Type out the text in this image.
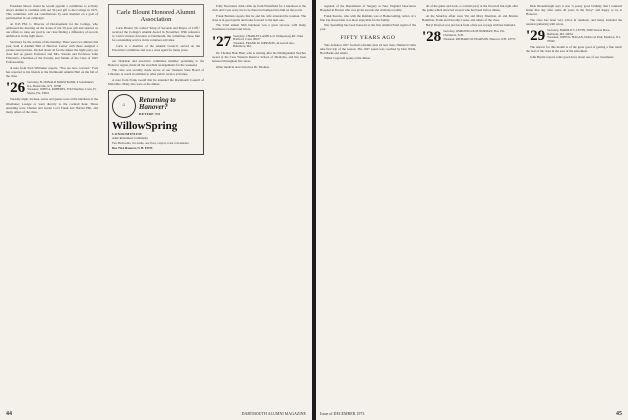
President Moore stated he would appoint a committee to actively attract alumni to continue with our 50-year gift to the College in 1975. This committee will ask contributions by each member on a goal of participation in our campaign.

At 9:45 PM, C. Director of Development for the College, who addressed the meeting on the status of the 50-year gift and assured us our efforts to raise our goal to our class finding a difference of records ambition is in the right move.

Secretary for the actions of the meeting. There were two dinners this year, both at Alumni Hall of Hanover Center with those assigned a picture stand picture. We had about 42 for the dinner the night party our class had us guests Professor and Mrs. Stearns and Professor John Elberton's, Chairman of the Faculty, and friends of the Class of 1925 Professorship.

A note from Fred Whittaker reports, "You are now covered." Fred has reported to his friends at the Dartmouth Alumni Hall on the fall of the class.

'26 Secretary, H. DONALD NORSTRAND, 9 Gentlemen's Rd., Bronxville, N.Y. 10708
Treasurer, JOHN A. ROBERTS, 3534 Wardlaw Court, Ft. Myers, Fla. 33901

Tuesday night, 26 men, wives and guests were at the luncheon of the Otterbeuer Lounge or went directly to the cocktail hour. Those attending were Charles and Gretta Lord Frank and Harriet Hill, and many others of the class.

Carle Blount Honored Alumni Association

Carle Blount '26, retired "King of Seconds and Mayor of Cliff," received the College's Alumni Award in November. With reference to Carle's tireless devotion to Dartmouth, the committee chose him for outstanding service in his volunteer activities.

Carle is a member of the Alumni Council, served on the Executive Committee and was a class agent for many years.

our chairman and executive committee member pertaining to the Hanover region, made all the excellent arrangements for the weekend.

The class was recently made aware of our Vermont State Board of Libraries. A coach in addition to other public service activities.

A note from Frank Gould that he attended the Dartmouth Council of Mid-Ohio. Many also were at the dinner.

⌂
Returning to
Hanover?
RETIRE TO
WillowSpring
CONDOMINIUM
Adult Retirement Community
Two Bedrooms, two baths, one floor, carport, town convenience
Box 752A Hanover, N. H. 03755

Eddy Norstrand, John came up from Plainsfield for a luncheon at the club, and I was sorry not to be there but bumped into him on the porch.

Frank Berman reports that he and his wife attended the reunion. The class is in good spirits and looks forward to the next one.

The 22nd annual 50th luncheon was a great success, with many classmates on hand and wives.

'27 Secretary, CHARLES LAMB A 21 Wampanoag Rd., West Hartford, Conn. 06107
Treasurer, FRANK M. JOHNSON, 44 Gerard Ave., Baltimore, Md.

Dr. Thomas Hale Ham, who is retiring after the Distinguished Teacher award at the Case Western Reserve School of Medicine, and has been honored throughout his career.

Other medical news involves Dr. Thomas.

44	DARTMOUTH ALUMNI MAGAZINE

regional of the Department of Surgery at New England Deaconess Hospital in Boston who was given awards and citations recently.

Frank Stearns, who with the Robbins was at Homecoming, writes of a fine trip abroad that was most enjoyable for the family.

Wes Spaulding has been honored as the first Alumni Fund Agent of the year.

FIFTY YEARS AGO

Yale defeated 1927 football schedule plus 24 new men. Numeral Clubs take first trip of the season. The 1927 squad was coached by Don Wirth, Hal Marks and others.

Walter Cogswell spoke at the dinner.

all of the game and back, a cocktail party at the Norwich Inn right after the game which attracted several who had been before dinner.

At the Saturday affair were Vin and Mary Sherman, Al and Marion Hamilton, Frank and Dorothy Cooke, and others of the class.

Beryl Drayton was just back from a fine sea voyage with her husband.

'28 Secretary, OSMOND LOUIS NORMAN, Box 191, Charleston, N.H.
Treasurer, RICHARD M. PEARSON, Hanover, N.H. 03755

Rick Rickenbaugh says it was "a pretty good birthday that I returned home that day after some 40 years in the Navy" and happy to be at Hanover.

The class has been very active in reunions, and many attended the reunion gathering with wives.

'29 Secretary, HAROLD S. LEVIN, 5606 Vernon Place, Bethesda, Md. 20034
Treasurer, JOHN K. HAGAN, Dailwood Park, Madison, N.J. 07940

The answer for this month is of the great good of getting a fine ranch the best of the class in the area of the retirement.

John Bryant reports some good news about one of our classmates.

Issue of DECEMBER 1973	45
